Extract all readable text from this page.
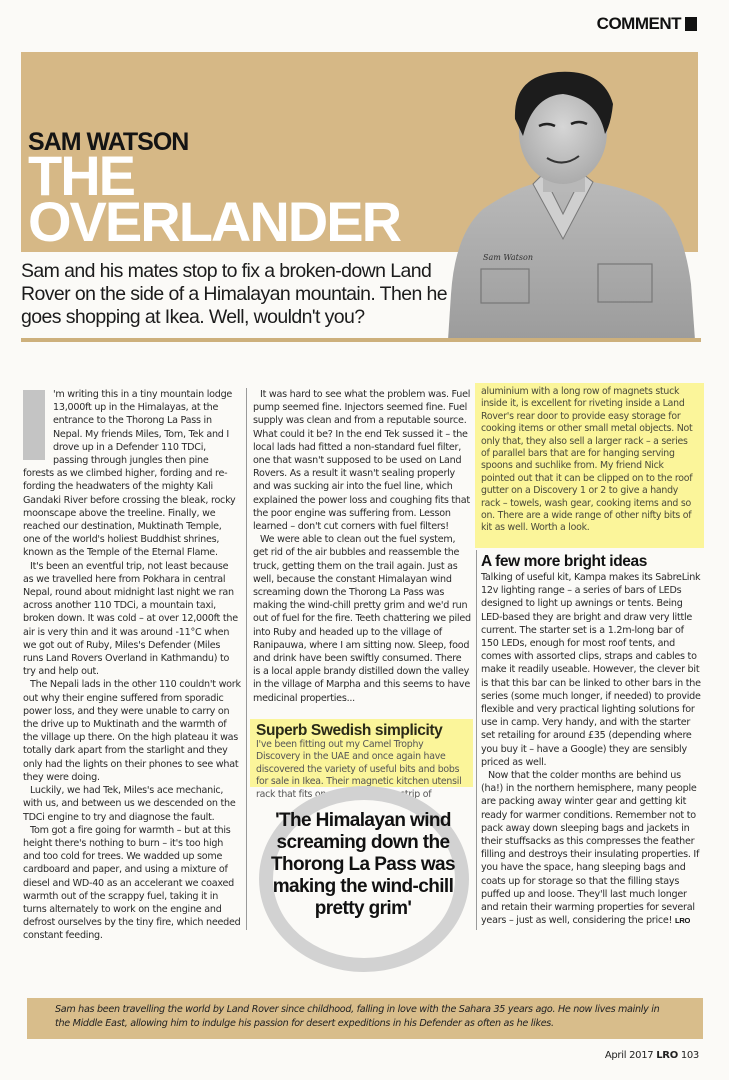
COMMENT
SAM WATSON
THE
OVERLANDER
Sam Watson
Sam and his mates stop to fix a broken-down Land Rover on the side of a Himalayan mountain. Then he goes shopping at Ikea. Well, wouldn't you?

'm writing this in a tiny mountain lodge 13,000ft up in the Himalayas, at the entrance to the Thorong La Pass in Nepal. My friends Miles, Tom, Tek and I drove up in a Defender 110 TDCi, passing through jungles then pine forests as we climbed higher, fording and re-fording the headwaters of the mighty Kali Gandaki River before crossing the bleak, rocky moonscape above the treeline. Finally, we reached our destination, Muktinath Temple, one of the world's holiest Buddhist shrines, known as the Temple of the Eternal Flame.

It's been an eventful trip, not least because as we travelled here from Pokhara in central Nepal, round about midnight last night we ran across another 110 TDCi, a mountain taxi, broken down. It was cold – at over 12,000ft the air is very thin and it was around -11°C when we got out of Ruby, Miles's Defender (Miles runs Land Rovers Overland in Kathmandu) to try and help out.

The Nepali lads in the other 110 couldn't work out why their engine suffered from sporadic power loss, and they were unable to carry on the drive up to Muktinath and the warmth of the village up there. On the high plateau it was totally dark apart from the starlight and they only had the lights on their phones to see what they were doing.

Luckily, we had Tek, Miles's ace mechanic, with us, and between us we descended on the TDCi engine to try and diagnose the fault.

Tom got a fire going for warmth – but at this height there's nothing to burn – it's too high and too cold for trees. We wadded up some cardboard and paper, and using a mixture of diesel and WD-40 as an accelerant we coaxed warmth out of the scrappy fuel, taking it in turns alternately to work on the engine and defrost ourselves by the tiny fire, which needed constant feeding.

It was hard to see what the problem was. Fuel pump seemed fine. Injectors seemed fine. Fuel supply was clean and from a reputable source. What could it be? In the end Tek sussed it – the local lads had fitted a non-standard fuel filter, one that wasn't supposed to be used on Land Rovers. As a result it wasn't sealing properly and was sucking air into the fuel line, which explained the power loss and coughing fits that the poor engine was suffering from. Lesson learned – don't cut corners with fuel filters!

We were able to clean out the fuel system, get rid of the air bubbles and reassemble the truck, getting them on the trail again. Just as well, because the constant Himalayan wind screaming down the Thorong La Pass was making the wind-chill pretty grim and we'd run out of fuel for the fire. Teeth chattering we piled into Ruby and headed up to the village of Ranipauwa, where I am sitting now. Sleep, food and drink have been swiftly consumed. There is a local apple brandy distilled down the valley in the village of Marpha and this seems to have medicinal properties...

Superb Swedish simplicity

I've been fitting out my Camel Trophy Discovery in the UAE and once again have discovered the variety of useful bits and bobs for sale in Ikea. Their magnetic kitchen utensil rack that fits on a wall, simply a strip of

'The Himalayan wind screaming down the Thorong La Pass was making the wind-chill pretty grim'

aluminium with a long row of magnets stuck inside it, is excellent for riveting inside a Land Rover's rear door to provide easy storage for cooking items or other small metal objects. Not only that, they also sell a larger rack – a series of parallel bars that are for hanging serving spoons and suchlike from. My friend Nick pointed out that it can be clipped on to the roof gutter on a Discovery 1 or 2 to give a handy rack – towels, wash gear, cooking items and so on. There are a wide range of other nifty bits of kit as well. Worth a look.

A few more bright ideas

Talking of useful kit, Kampa makes its SabreLink 12v lighting range – a series of bars of LEDs designed to light up awnings or tents. Being LED-based they are bright and draw very little current. The starter set is a 1.2m-long bar of 150 LEDs, enough for most roof tents, and comes with assorted clips, straps and cables to make it readily useable. However, the clever bit is that this bar can be linked to other bars in the series (some much longer, if needed) to provide flexible and very practical lighting solutions for use in camp. Very handy, and with the starter set retailing for around £35 (depending where you buy it – have a Google) they are sensibly priced as well.

Now that the colder months are behind us (ha!) in the northern hemisphere, many people are packing away winter gear and getting kit ready for warmer conditions. Remember not to pack away down sleeping bags and jackets in their stuffsacks as this compresses the feather filling and destroys their insulating properties. If you have the space, hang sleeping bags and coats up for storage so that the filling stays puffed up and loose. They'll last much longer and retain their warming properties for several years – just as well, considering the price! LRO

Sam has been travelling the world by Land Rover since childhood, falling in love with the Sahara 35 years ago. He now lives mainly in the Middle East, allowing him to indulge his passion for desert expeditions in his Defender as often as he likes.
April 2017 LRO 103
